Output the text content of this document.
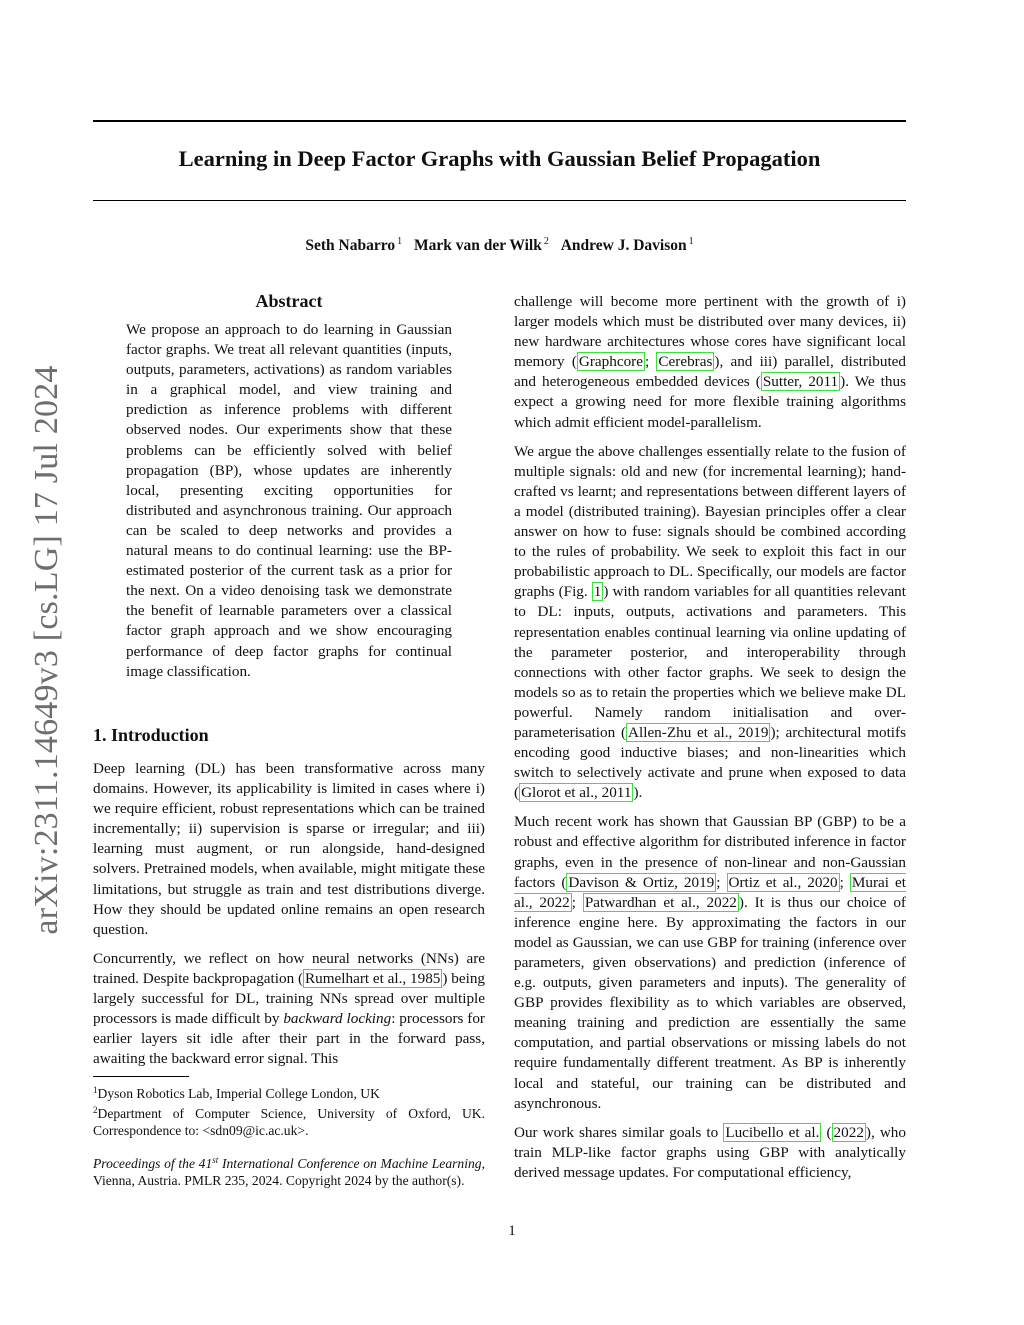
arXiv:2311.14649v3 [cs.LG] 17 Jul 2024
Learning in Deep Factor Graphs with Gaussian Belief Propagation
Seth Nabarro $^1$ Mark van der Wilk $^2$ Andrew J. Davison $^1$
Abstract

We propose an approach to do learning in Gaussian factor graphs. We treat all relevant quantities (inputs, outputs, parameters, activations) as random variables in a graphical model, and view training and prediction as inference problems with different observed nodes. Our experiments show that these problems can be efficiently solved with belief propagation (BP), whose updates are inherently local, presenting exciting opportunities for distributed and asynchronous training. Our approach can be scaled to deep networks and provides a natural means to do continual learning: use the BP-estimated posterior of the current task as a prior for the next. On a video denoising task we demonstrate the benefit of learnable parameters over a classical factor graph approach and we show encouraging performance of deep factor graphs for continual image classification.

1. Introduction

Deep learning (DL) has been transformative across many domains. However, its applicability is limited in cases where i) we require efficient, robust representations which can be trained incrementally; ii) supervision is sparse or irregular; and iii) learning must augment, or run alongside, hand-designed solvers. Pretrained models, when available, might mitigate these limitations, but struggle as train and test distributions diverge. How they should be updated online remains an open research question.

Concurrently, we reflect on how neural networks (NNs) are trained. Despite backpropagation ( Rumelhart et al., 1985 ) being largely successful for DL, training NNs spread over multiple processors is made difficult by backward locking: processors for earlier layers sit idle after their part in the forward pass, awaiting the backward error signal. This

challenge will become more pertinent with the growth of i) larger models which must be distributed over many devices, ii) new hardware architectures whose cores have significant local memory ( Graphcore ; Cerebras ), and iii) parallel, distributed and heterogeneous embedded devices ( Sutter, 2011 ). We thus expect a growing need for more flexible training algorithms which admit efficient model-parallelism.

We argue the above challenges essentially relate to the fusion of multiple signals: old and new (for incremental learning); hand-crafted vs learnt; and representations between different layers of a model (distributed training). Bayesian principles offer a clear answer on how to fuse: signals should be combined according to the rules of probability. We seek to exploit this fact in our probabilistic approach to DL. Specifically, our models are factor graphs (Fig. 1 ) with random variables for all quantities relevant to DL: inputs, outputs, activations and parameters. This representation enables continual learning via online updating of the parameter posterior, and interoperability through connections with other factor graphs. We seek to design the models so as to retain the properties which we believe make DL powerful. Namely random initialisation and over-parameterisation ( Allen-Zhu et al., 2019 ); architectural motifs encoding good inductive biases; and non-linearities which switch to selectively activate and prune when exposed to data ( Glorot et al., 2011 ).

Much recent work has shown that Gaussian BP (GBP) to be a robust and effective algorithm for distributed inference in factor graphs, even in the presence of non-linear and non-Gaussian factors ( Davison & Ortiz, 2019 ; Ortiz et al., 2020 ; Murai et al., 2022 ; Patwardhan et al., 2022 ). It is thus our choice of inference engine here. By approximating the factors in our model as Gaussian, we can use GBP for training (inference over parameters, given observations) and prediction (inference of e.g. outputs, given parameters and inputs). The generality of GBP provides flexibility as to which variables are observed, meaning training and prediction are essentially the same computation, and partial observations or missing labels do not require fundamentally different treatment. As BP is inherently local and stateful, our training can be distributed and asynchronous.

Our work shares similar goals to Lucibello et al. ( 2022 ), who train MLP-like factor graphs using GBP with analytically derived message updates. For computational efficiency,

$^1$Dyson Robotics Lab, Imperial College London, UK

$^2$Department of Computer Science, University of Oxford, UK. Correspondence to: <sdn09@ic.ac.uk>.

Proceedings of the 41st International Conference on Machine Learning, Vienna, Austria. PMLR 235, 2024. Copyright 2024 by the author(s).

1
